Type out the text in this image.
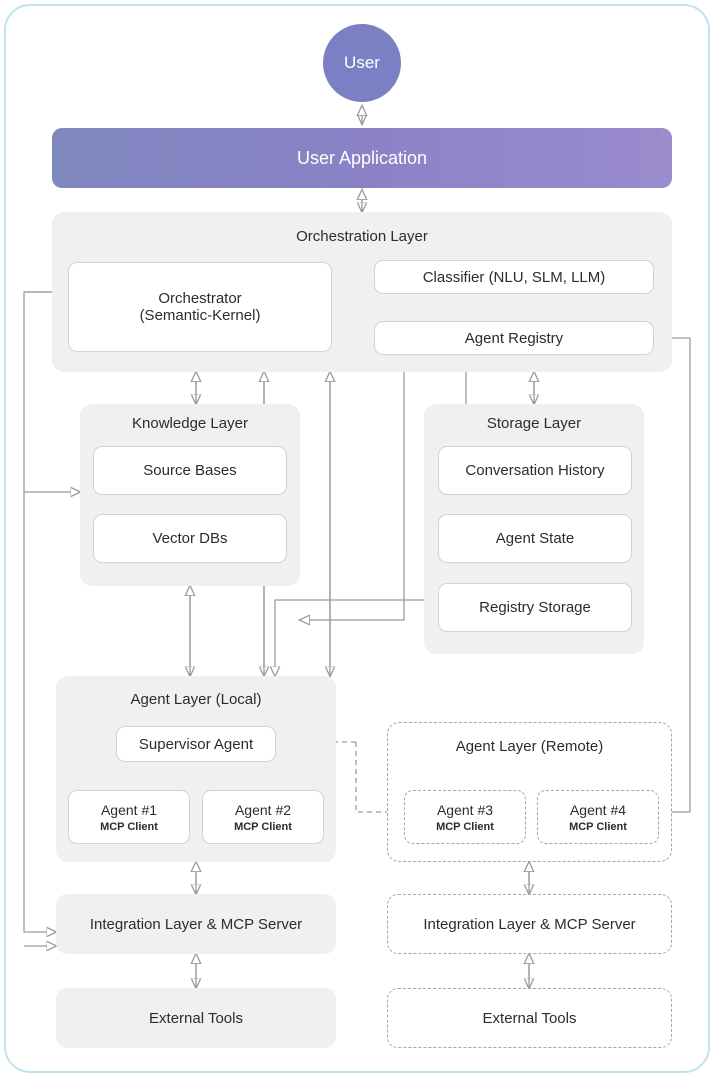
User
User Application
Orchestration Layer
Orchestrator
(Semantic-Kernel)
Classifier (NLU, SLM, LLM)
Agent Registry
Knowledge Layer
Source Bases
Vector DBs
Storage Layer
Conversation History
Agent State
Registry Storage
Agent Layer (Local)
Supervisor Agent
Agent #1
MCP Client
Agent #2
MCP Client
Agent Layer (Remote)
Agent #3
MCP Client
Agent #4
MCP Client
Integration Layer & MCP Server	Integration Layer & MCP Server
External Tools	External Tools
